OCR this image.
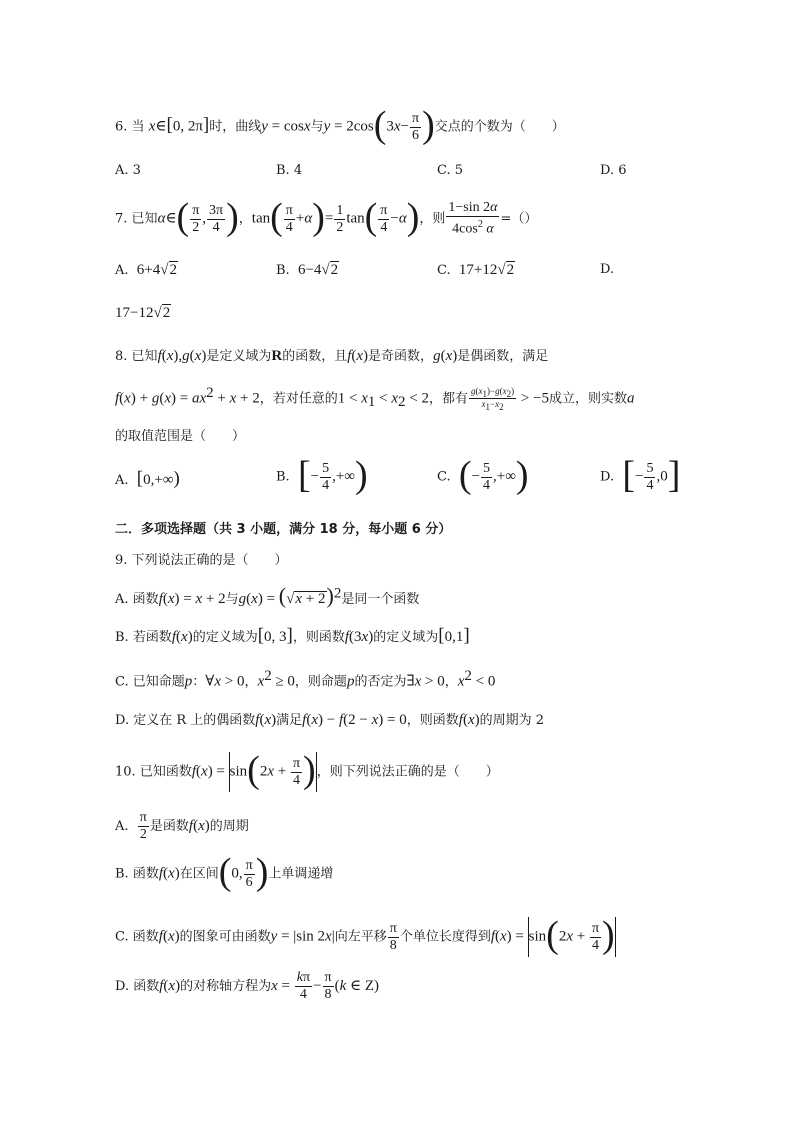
6. 当 x∈[0, 2π]时，曲线y = cosx与$y = 2\cos(3x- \frac{\pi}{6}$ )交点的个数为（　　）
A. 3	B. 4	C. 5	D. 6
7. 已知α∈( $\frac{\pi}{2}$ , $\frac{3\pi}{4}$ )，$\tan( \frac{\pi}{4} +\alpha)= \frac{1}{2} \tan( \frac{\pi}{4} -\alpha)$，则 $\frac{1-\sin 2\alpha}{4\cos^2 \alpha}$ =（）
A. 6+4√2	B. 6−4√2	C. 17+12√2	D.
17−12√2
8. 已知f(x),g(x)是定义域为R的函数，且f(x)是奇函数，g(x)是偶函数，满足
$f(x) + g(x) = ax^2 + x + 2$，若对任意的$1 < x_1 < x_2 < 2$，都有 $\frac{g(x_1)-g(x_2)}{x_1-x_2} > -5$成立，则实数a
的取值范围是（　　）
A. [0,+∞)	B. [− $\frac{5}{4}$ ,+∞)	C. (− $\frac{5}{4}$ ,+∞)	D. [− $\frac{5}{4} ,0$]
二．多项选择题（共 3 小题，满分 18 分，每小题 6 分）
9. 下列说法正确的是（　　）
A. 函数f(x) = x + 2与$g(x) = (√x + 2)^2$是同一个函数
B. 若函数f(x)的定义域为[0, 3]，则函数f(3x)的定义域为[0,1]
C. 已知命题p：∀x > 0，$x^2 \ge 0$，则命题p的否定为∃x > 0，$x^2 < 0$
D. 定义在 R 上的偶函数f(x)满足f(x) − f(2 − x) = 0，则函数f(x)的周期为 2
10. 已知函数$f(x) = \sin(2x + \frac{\pi}{4}$ )，则下列说法正确的是（　　）
A. $\frac{\pi}{2}$ 是函数f(x)的周期
B. 函数f(x)在区间(0, $\frac{\pi}{6}$ )上单调递增
C. 函数f(x)的图象可由函数y = |sin 2x|向左平移 $\frac{\pi}{8}$ 个单位长度得到$f(x) = \sin(2x + \frac{\pi}{4}$ )
D. 函数f(x)的对称轴方程为$x = \frac{k\pi}{4} - \frac{\pi}{8} (k$ ∈ Z)
